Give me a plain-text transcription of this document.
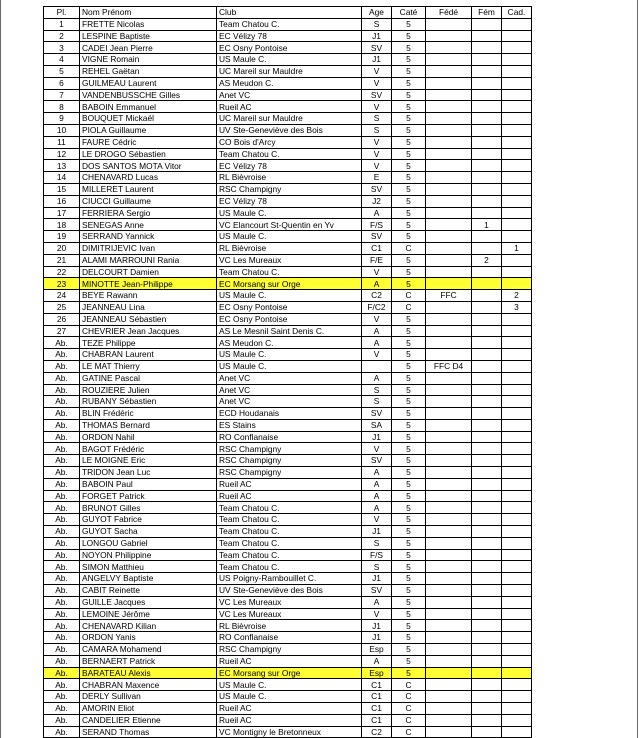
Pl.	Nom Prénom	Club	Age	Caté	Fédé	Fém	Cad.
1	FRETTE Nicolas	Team Chatou C.	S	5			
2	LESPINE Baptiste	EC Vélizy 78	J1	5			
3	CADEI Jean Pierre	EC Osny Pontoise	SV	5			
4	VIGNE Romain	US Maule C.	J1	5			
5	REHEL Gaëtan	UC Mareil sur Mauldre	V	5			
6	GUILMEAU Laurent	AS Meudon C.	V	5			
7	VANDENBUSSCHE Gilles	Anet VC	SV	5			
8	BABOIN Emmanuel	Rueil AC	V	5			
9	BOUQUET Mickaël	UC Mareil sur Mauldre	S	5			
10	PIOLA Guillaume	UV Ste-Geneviève des Bois	S	5			
11	FAURE Cédric	CO Bois d'Arcy	V	5			
12	LE DROGO Sébastien	Team Chatou C.	V	5			
13	DOS SANTOS MOTA Vitor	EC Vélizy 78	V	5			
14	CHENAVARD Lucas	RL Bièvroise	E	5			
15	MILLERET Laurent	RSC Champigny	SV	5			
16	CIUCCI Guillaume	EC Vélizy 78	J2	5			
17	FERRIERA Sergio	US Maule C.	A	5			
18	SENEGAS Anne	VC Elancourt St-Quentin en Yv	F/S	5		1	
19	SERRAND Yannick	US Maule C.	SV	5			
20	DIMITRIJEVIC Ivan	RL Bièvroise	C1	C			1
21	ALAMI MARROUNI Rania	VC Les Mureaux	F/E	5		2	
22	DELCOURT Damien	Team Chatou C.	V	5			
23	MINOTTE Jean-Philippe	EC Morsang sur Orge	A	5			
24	BEYE Rawann	US Maule C.	C2	C	FFC		2
25	JEANNEAU Lina	EC Osny Pontoise	F/C2	C			3
26	JEANNEAU Sébastien	EC Osny Pontoise	V	5			
27	CHEVRIER Jean Jacques	AS Le Mesnil Saint Denis C.	A	5			
Ab.	TEZE Philippe	AS Meudon C.	A	5			
Ab.	CHABRAN Laurent	US Maule C.	V	5			
Ab.	LE MAT Thierry	US Maule C.		5	FFC D4		
Ab.	GATINE Pascal	Anet VC	A	5			
Ab.	ROUZIERE Julien	Anet VC	S	5			
Ab.	RUBANY Sébastien	Anet VC	S	5			
Ab.	BLIN Frédéric	ECD Houdanais	SV	5			
Ab.	THOMAS Bernard	ES Stains	SA	5			
Ab.	ORDON Nahil	RO Conflanaise	J1	5			
Ab.	BAGOT Frédéric	RSC Champigny	V	5			
Ab.	LE MOIGNE Eric	RSC Champigny	SV	5			
Ab.	TRIDON Jean Luc	RSC Champigny	A	5			
Ab.	BABOIN Paul	Rueil AC	A	5			
Ab.	FORGET Patrick	Rueil AC	A	5			
Ab.	BRUNOT Gilles	Team Chatou C.	A	5			
Ab.	GUYOT Fabrice	Team Chatou C.	V	5			
Ab.	GUYOT Sacha	Team Chatou C.	J1	5			
Ab.	LONGOU Gabriel	Team Chatou C.	S	5			
Ab.	NOYON Philippine	Team Chatou C.	F/S	5			
Ab.	SIMON Matthieu	Team Chatou C.	S	5			
Ab.	ANGELVY Baptiste	US Poigny-Rambouillet C.	J1	5			
Ab.	CABIT Reinette	UV Ste-Geneviève des Bois	SV	5			
Ab.	GUILLE Jacques	VC Les Mureaux	A	5			
Ab.	LEMOINE Jérôme	VC Les Mureaux	V	5			
Ab.	CHENAVARD Kilian	RL Bièvroise	J1	5			
Ab.	ORDON Yanis	RO Conflanaise	J1	5			
Ab.	CAMARA Mohamend	RSC Champigny	Esp	5			
Ab.	BERNAERT Patrick	Rueil AC	A	5			
Ab.	BARATEAU Alexis	EC Morsang sur Orge	Esp	5			
Ab.	CHABRAN Maxence	US Maule C.	C1	C			
Ab.	DERLY Sullivan	US Maule C.	C1	C			
Ab.	AMORIN Eliot	Rueil AC	C1	C			
Ab.	CANDELIER Etienne	Rueil AC	C1	C			
Ab.	SERAND Thomas	VC Montigny le Bretonneux	C2	C			
